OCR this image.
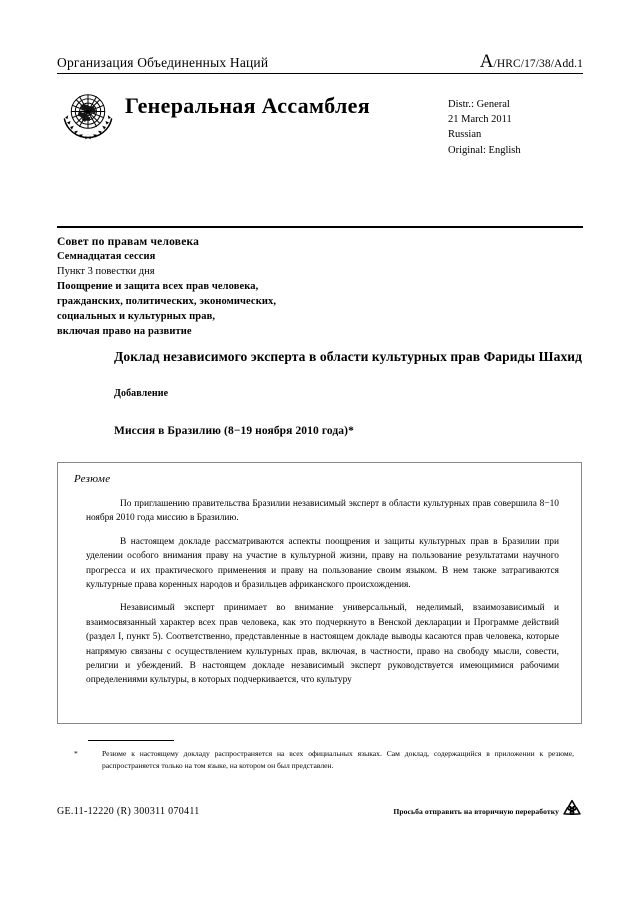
Организация Объединенных Наций	A/HRC/17/38/Add.1
Генеральная Ассамблея	Distr.: General
21 March 2011
Russian
Original: English
Совет по правам человека
Семнадцатая сессия
Пункт 3 повестки дня
Поощрение и защита всех прав человека,
гражданских, политических, экономических,
социальных и культурных прав,
включая право на развитие
Доклад независимого эксперта в области культурных прав Фариды Шахид
Добавление
Миссия в Бразилию (8−19 ноября 2010 года)*
Резюме

По приглашению правительства Бразилии независимый эксперт в области культурных прав совершила 8−10 ноября 2010 года миссию в Бразилию.

В настоящем докладе рассматриваются аспекты поощрения и защиты культурных прав в Бразилии при уделении особого внимания праву на участие в культурной жизни, праву на пользование результатами научного прогресса и их практического применения и праву на пользование своим языком. В нем также затрагиваются культурные права коренных народов и бразильцев африканского происхождения.

Независимый эксперт принимает во внимание универсальный, неделимый, взаимозависимый и взаимосвязанный характер всех прав человека, как это подчеркнуто в Венской декларации и Программе действий (раздел I, пункт 5). Соответственно, представленные в настоящем докладе выводы касаются прав человека, которые напрямую связаны с осуществлением культурных прав, включая, в частности, право на свободу мысли, совести, религии и убеждений. В настоящем докладе независимый эксперт руководствуется имеющимися рабочими определениями культуры, в которых подчеркивается, что культуру

*	Резюме к настоящему докладу распространяется на всех официальных языках. Сам доклад, содержащийся в приложении к резюме, распространяется только на том языке, на котором он был представлен.
GE.11-12220 (R) 300311 070411	Просьба отправить на вторичную переработку
